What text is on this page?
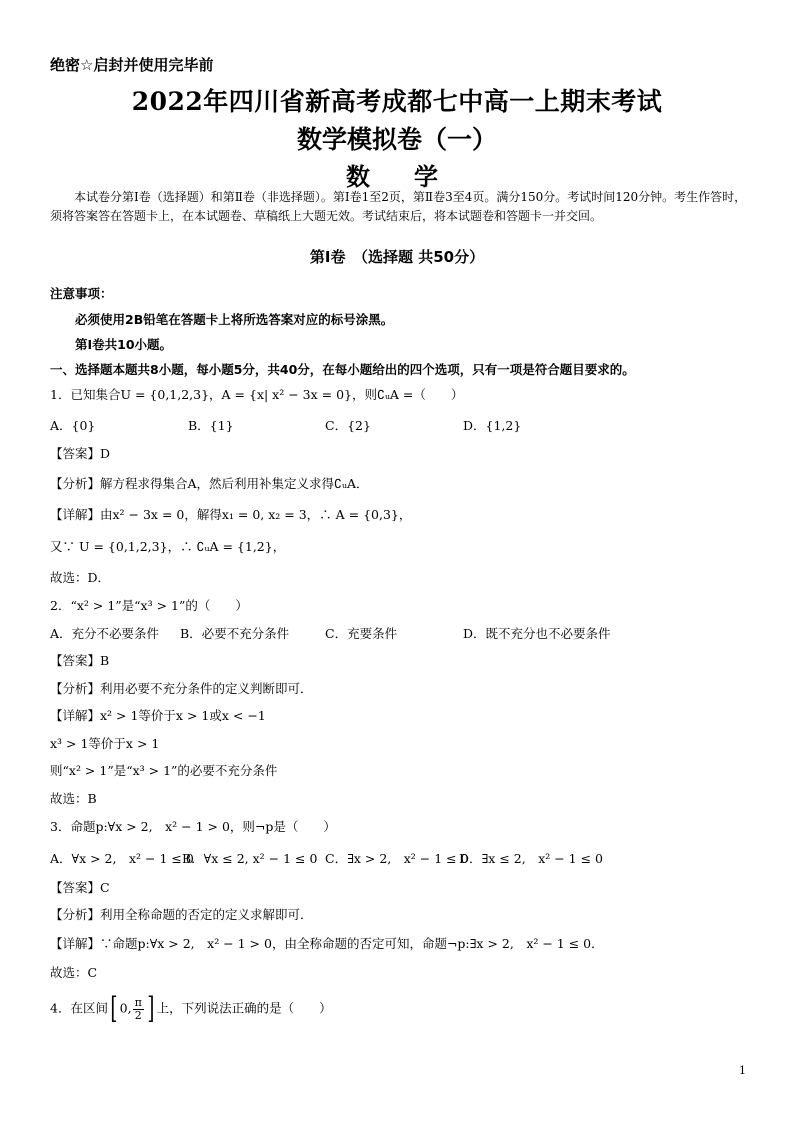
绝密☆启封并使用完毕前
2022年四川省新高考成都七中高一上期末考试
数学模拟卷（一）
数　学
本试卷分第Ⅰ卷（选择题）和第Ⅱ卷（非选择题）。第Ⅰ卷1至2页，第Ⅱ卷3至4页。满分150分。考试时间120分钟。考生作答时，须将答案答在答题卡上，在本试题卷、草稿纸上大题无效。考试结束后，将本试题卷和答题卡一并交回。
第Ⅰ卷　（选择题 共50分）
注意事项：
必须使用2B铅笔在答题卡上将所选答案对应的标号涂黑。
第Ⅰ卷共10小题。
一、选择题本题共8小题，每小题5分，共40分，在每小题给出的四个选项，只有一项是符合题目要求的。
1．已知集合U = {0,1,2,3}，A = {x| x² − 3x = 0}，则∁ᵤA =（　　）
A．{0}	B．{1}	C．{2}	D．{1,2}
【答案】D
【分析】解方程求得集合A，然后利用补集定义求得∁ᵤA．
【详解】由x² − 3x = 0，解得x₁ = 0, x₂ = 3，∴ A = {0,3}，
又∵ U = {0,1,2,3}，∴ ∁ᵤA = {1,2}，
故选：D．
2．“x² > 1”是“x³ > 1”的（　　）
A．充分不必要条件 B．必要不充分条件	C．充要条件	D．既不充分也不必要条件
【答案】B
【分析】利用必要不充分条件的定义判断即可．
【详解】x² > 1等价于x > 1或x < −1
x³ > 1等价于x > 1
则“x² > 1”是“x³ > 1”的必要不充分条件
故选：B
3．命题p:∀x > 2,　x² − 1 > 0，则¬p是（　　）
A．∀x > 2,　x² − 1 ≤ 0
B．∀x ≤ 2, x² − 1 ≤ 0 C．∃x > 2,　x² − 1 ≤ 0
D．∃x ≤ 2,　x² − 1 ≤ 0
【答案】C
【分析】利用全称命题的否定的定义求解即可．
【详解】∵命题p:∀x > 2,　x² − 1 > 0，由全称命题的否定可知，命题¬p:∃x > 2,　x² − 1 ≤ 0．
故选：C
4．在区间[ 0, $\frac{\pi}{2}$ ] 上，下列说法正确的是（　　）
1
